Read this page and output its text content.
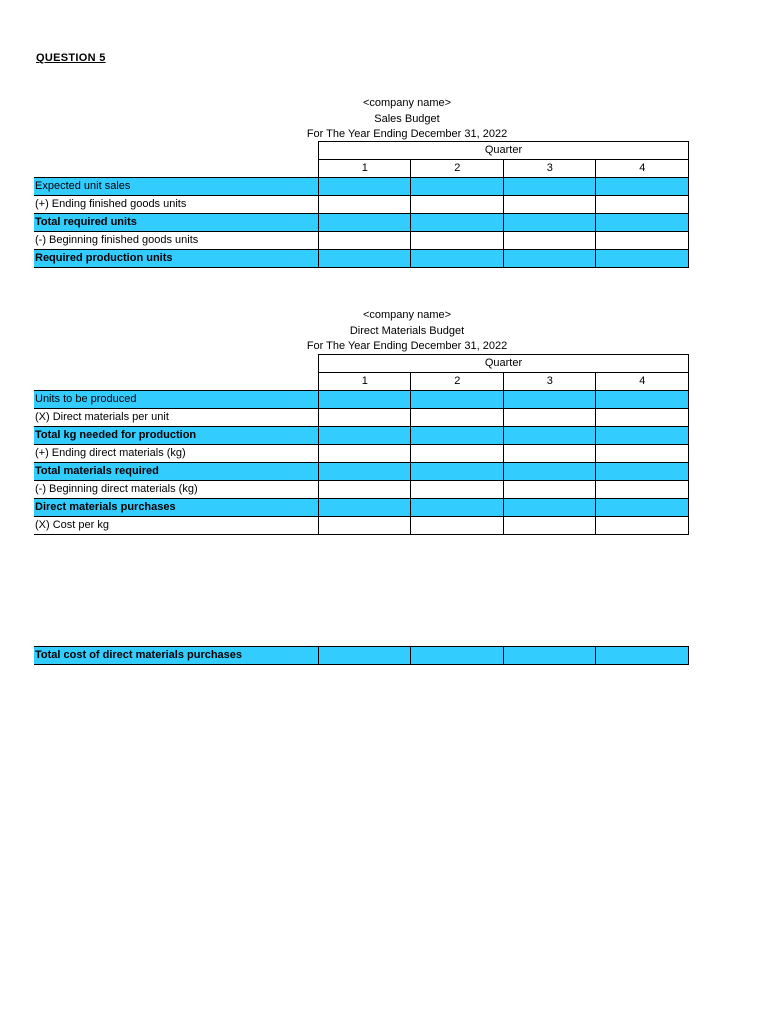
QUESTION 5
<company name>
Sales Budget
For The Year Ending December 31, 2022
	Quarter			
	1	2	3	4
Expected unit sales				
(+) Ending finished goods units				
Total required units				
(-) Beginning finished goods units				
Required production units				
<company name>
Direct Materials Budget
For The Year Ending December 31, 2022
	Quarter			
	1	2	3	4
Units to be produced				
(X) Direct materials per unit				
Total kg needed for production				
(+) Ending direct materials (kg)				
Total materials required				
(-) Beginning direct materials (kg)				
Direct materials purchases				
(X) Cost per kg				
Total cost of direct materials purchases				
